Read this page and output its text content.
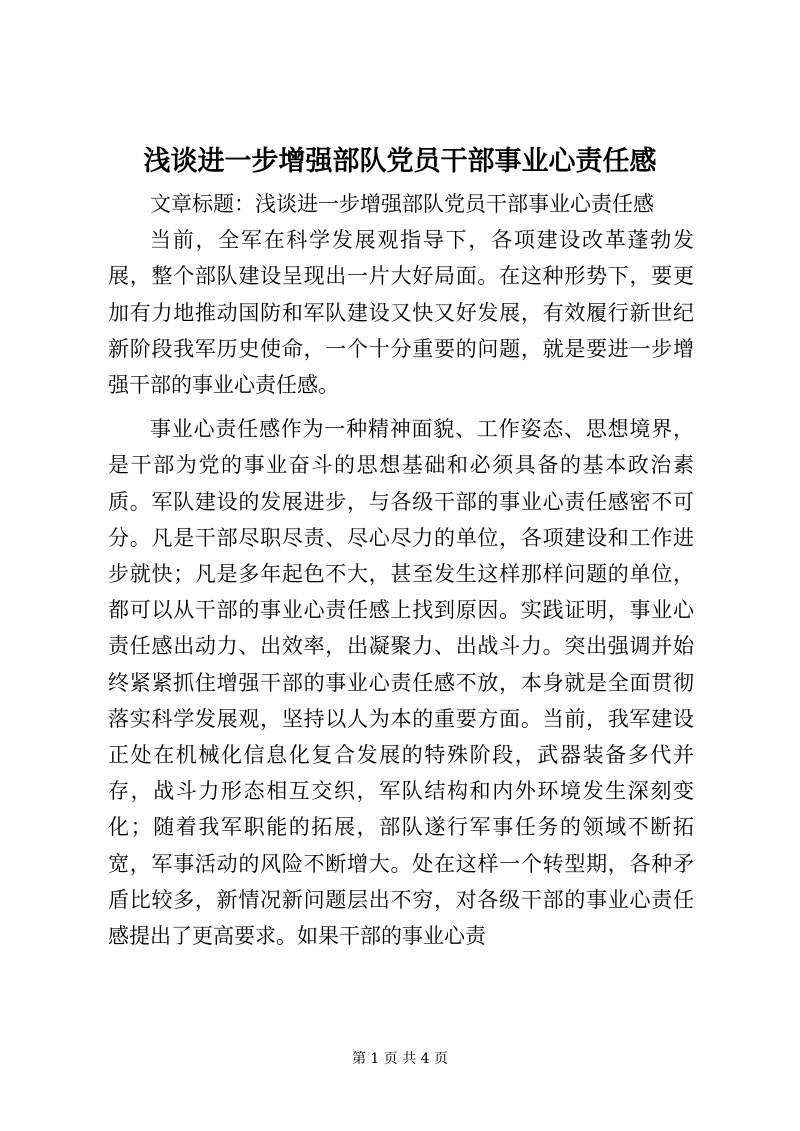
浅谈进一步增强部队党员干部事业心责任感

文章标题：浅谈进一步增强部队党员干部事业心责任感

当前，全军在科学发展观指导下，各项建设改革蓬勃发展，整个部队建设呈现出一片大好局面。在这种形势下，要更加有力地推动国防和军队建设又快又好发展，有效履行新世纪新阶段我军历史使命，一个十分重要的问题，就是要进一步增强干部的事业心责任感。

事业心责任感作为一种精神面貌、工作姿态、思想境界，是干部为党的事业奋斗的思想基础和必须具备的基本政治素质。军队建设的发展进步，与各级干部的事业心责任感密不可分。凡是干部尽职尽责、尽心尽力的单位，各项建设和工作进步就快；凡是多年起色不大，甚至发生这样那样问题的单位，都可以从干部的事业心责任感上找到原因。实践证明，事业心责任感出动力、出效率，出凝聚力、出战斗力。突出强调并始终紧紧抓住增强干部的事业心责任感不放，本身就是全面贯彻落实科学发展观，坚持以人为本的重要方面。当前，我军建设正处在机械化信息化复合发展的特殊阶段，武器装备多代并存，战斗力形态相互交织，军队结构和内外环境发生深刻变化；随着我军职能的拓展，部队遂行军事任务的领域不断拓宽，军事活动的风险不断增大。处在这样一个转型期，各种矛盾比较多，新情况新问题层出不穷，对各级干部的事业心责任感提出了更高要求。如果干部的事业心责

第 1 页 共 4 页
